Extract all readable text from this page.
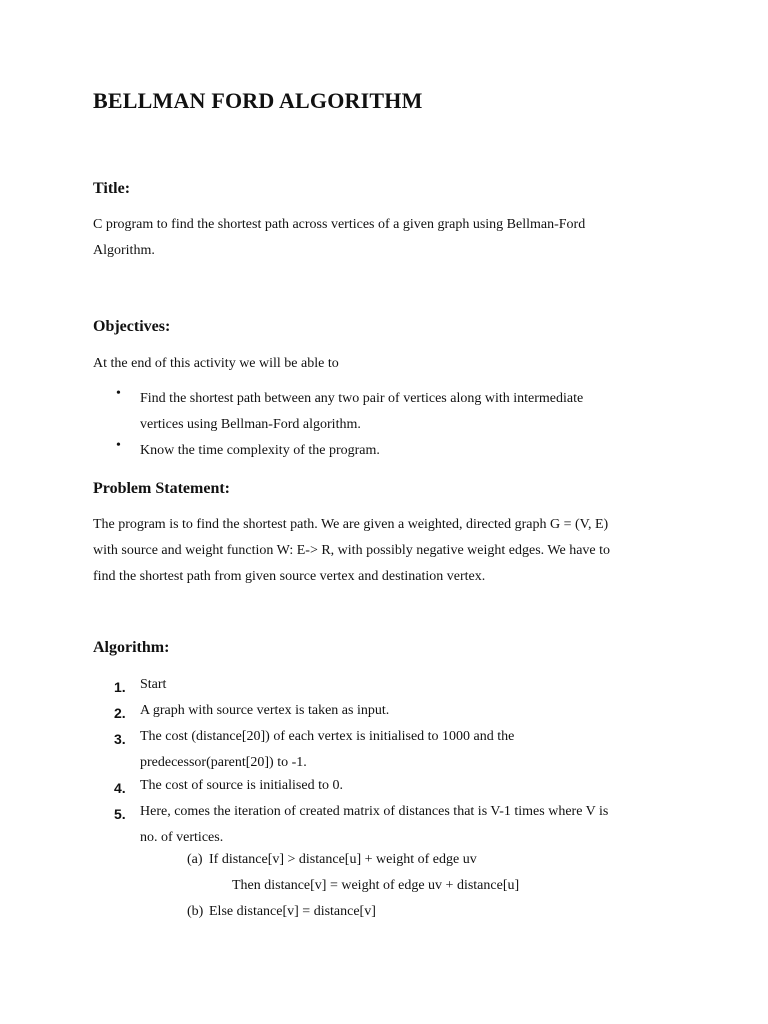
BELLMAN FORD ALGORITHM
Title:
C program to find the shortest path across vertices of a given graph using Bellman-Ford
Algorithm.
Objectives:
At the end of this activity we will be able to
• Find the shortest path between any two pair of vertices along with intermediate
vertices using Bellman-Ford algorithm.
• Know the time complexity of the program.
Problem Statement:
The program is to find the shortest path. We are given a weighted, directed graph G = (V, E)
with source and weight function W: E-> R, with possibly negative weight edges. We have to
find the shortest path from given source vertex and destination vertex.
Algorithm:
1. Start
2. A graph with source vertex is taken as input.
3. The cost (distance[20]) of each vertex is initialised to 1000 and the
predecessor(parent[20]) to -1.
4. The cost of source is initialised to 0.
5. Here, comes the iteration of created matrix of distances that is V-1 times where V is
no. of vertices.
(a) If distance[v] > distance[u] + weight of edge uv
Then distance[v] = weight of edge uv + distance[u]
(b) Else distance[v] = distance[v]
